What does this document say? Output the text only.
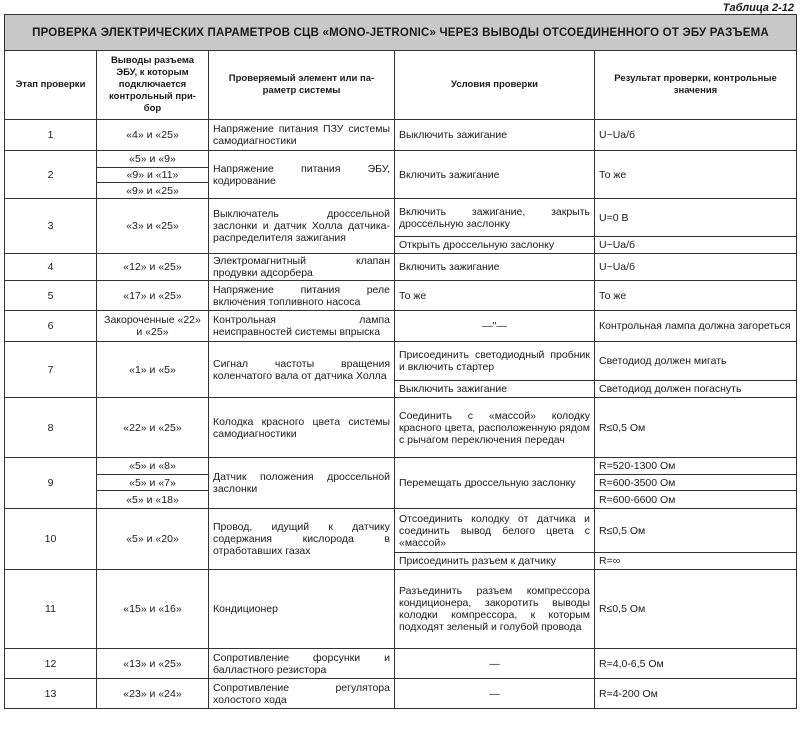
Таблица 2-12
ПРОВЕРКА ЭЛЕКТРИЧЕСКИХ ПАРАМЕТРОВ СЦВ «MONO-JETRONIC» ЧЕРЕЗ ВЫВОДЫ ОТСОЕДИНЕННОГО ОТ ЭБУ РАЗЪЕМА				
Этап проверки	Выводы разъема ЭБУ, к которым подключается контрольный при-бор	Проверяемый элемент или па-раметр системы	Условия проверки	Результат проверки, контрольные значения
1	«4» и «25»	Напряжение питания ПЗУ системы самодиагностики	Выключить зажигание	U~Uа/б
2	«5» и «9»	Напряжение питания ЭБУ, кодирование	Включить зажигание	То же
	«9» и «11»			
	«9» и «25»			
3	«3» и «25»	Выключатель дроссельной заслонки и датчик Холла датчика-распределителя зажигания	Включить зажигание, закрыть дроссельную заслонку	U=0 В
			Открыть дроссельную заслонку	U~Uа/б
4	«12» и «25»	Электромагнитный клапан продувки адсорбера	Включить зажигание	U~Uа/б
5	«17» и «25»	Напряжение питания реле включения топливного насоса	То же	То же
6	Закороченные «22» и «25»	Контрольная лампа неисправностей системы впрыска	—"—	Контрольная лампа должна загореться
7	«1» и «5»	Сигнал частоты вращения коленчатого вала от датчика Холла	Присоединить светодиодный пробник и включить стартер	Светодиод должен мигать
			Выключить зажигание	Светодиод должен погаснуть
8	«22» и «25»	Колодка красного цвета системы самодиагностики	Соединить с «массой» колодку красного цвета, расположенную рядом с рычагом переключения передач	R≤0,5 Ом
9	«5» и «8»	Датчик положения дроссельной заслонки	Перемещать дроссельную заслонку	R=520-1300 Ом
	«5» и «7»			R=600-3500 Ом
	«5» и «18»			R=600-6600 Ом
10	«5» и «20»	Провод, идущий к датчику содержания кислорода в отработавших газах	Отсоединить колодку от датчика и соединить вывод белого цвета с «массой»	R≤0,5 Ом
			Присоединить разъем к датчику	R=∞
11	«15» и «16»	Кондиционер	Разъединить разъем компрессора кондиционера, закоротить выводы колодки компрессора, к которым подходят зеленый и голубой провода	R≤0,5 Ом
12	«13» и «25»	Сопротивление форсунки и балластного резистора	—	R=4,0-6,5 Ом
13	«23» и «24»	Сопротивление регулятора холостого хода	—	R=4-200 Ом
